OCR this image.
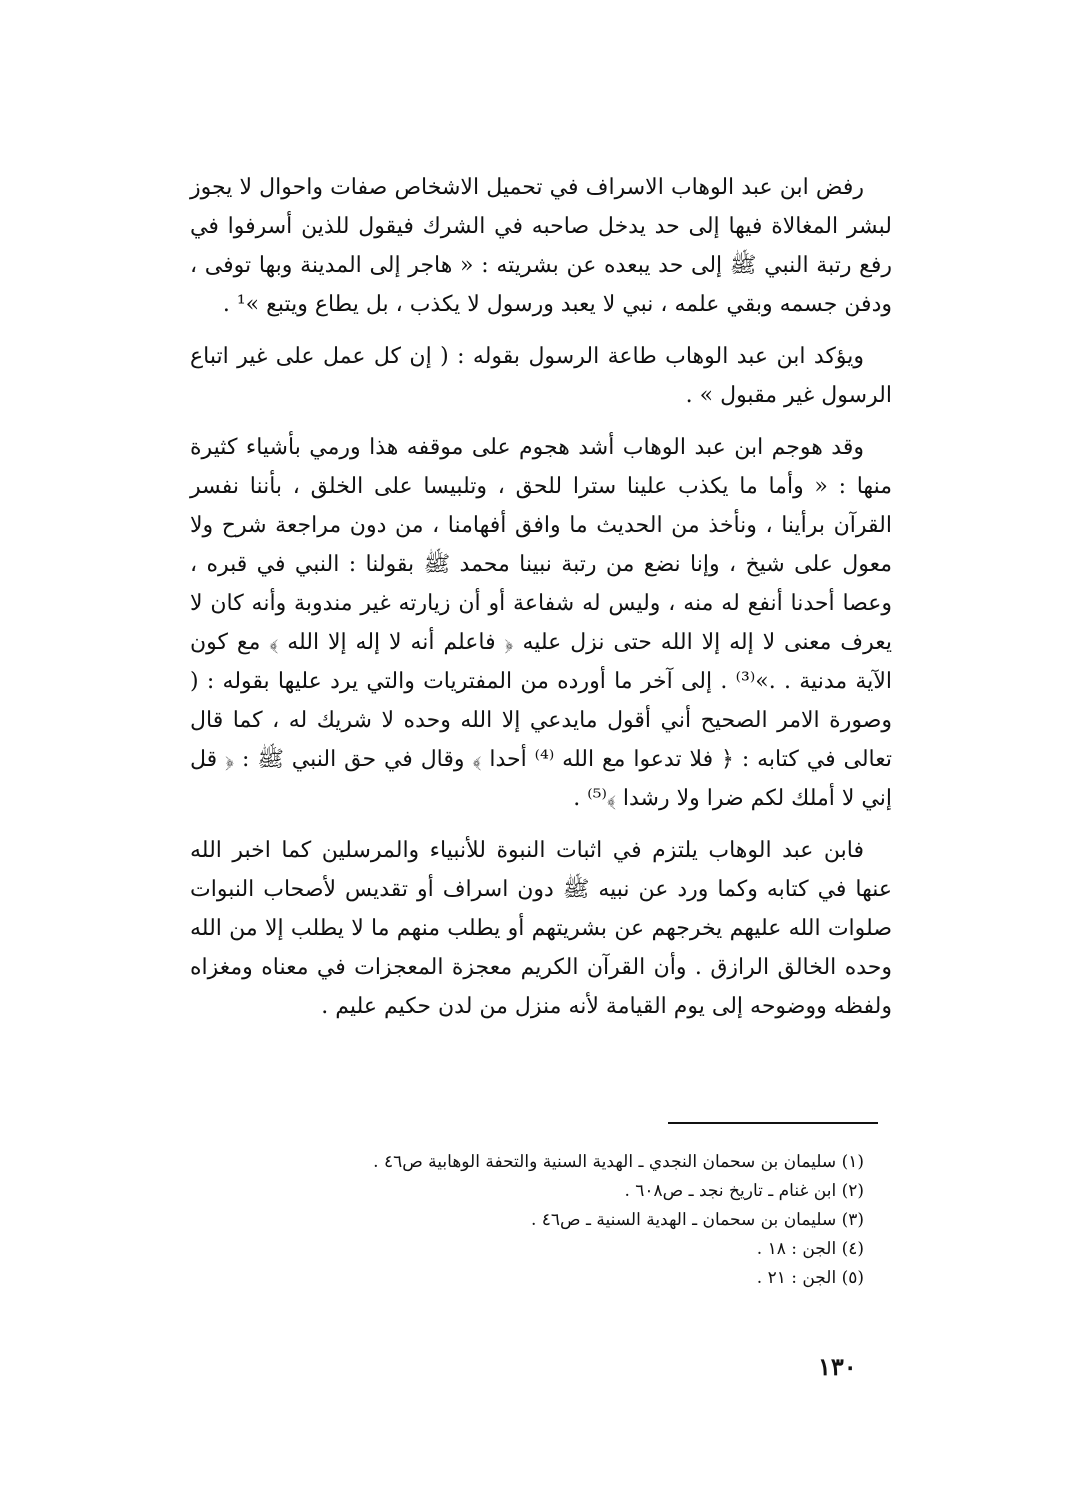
رفض ابن عبد الوهاب الاسراف في تحميل الاشخاص صفات واحوال لا يجوز لبشر المغالاة فيها إلى حد يدخل صاحبه في الشرك فيقول للذين أسرفوا في رفع رتبة النبي ﷺ إلى حد يبعده عن بشريته : « هاجر إلى المدينة وبها توفى ، ودفن جسمه وبقي علمه ، نبي لا يعبد ورسول لا يكذب ، بل يطاع ويتبع »¹ .

ويؤكد ابن عبد الوهاب طاعة الرسول بقوله : ( إن كل عمل على غير اتباع الرسول غير مقبول » .

وقد هوجم ابن عبد الوهاب أشد هجوم على موقفه هذا ورمي بأشياء كثيرة منها : « وأما ما يكذب علينا سترا للحق ، وتلبيسا على الخلق ، بأننا نفسر القرآن برأينا ، ونأخذ من الحديث ما وافق أفهامنا ، من دون مراجعة شرح ولا معول على شيخ ، وإنا نضع من رتبة نبينا محمد ﷺ بقولنا : النبي في قبره ، وعصا أحدنا أنفع له منه ، وليس له شفاعة أو أن زيارته غير مندوبة وأنه كان لا يعرف معنى لا إله إلا الله حتى نزل عليه ﴿ فاعلم أنه لا إله إلا الله ﴾ مع كون الآية مدنية . .»⁽³⁾ . إلى آخر ما أورده من المفتريات والتي يرد عليها بقوله : ( وصورة الامر الصحيح أني أقول مايدعي إلا الله وحده لا شريك له ، كما قال تعالى في كتابه : ﴿ فلا تدعوا مع الله ⁽⁴⁾ أحدا ﴾ وقال في حق النبي ﷺ : ﴿ قل إني لا أملك لكم ضرا ولا رشدا ﴾⁽⁵⁾ .

فابن عبد الوهاب يلتزم في اثبات النبوة للأنبياء والمرسلين كما اخبر الله عنها في كتابه وكما ورد عن نبيه ﷺ دون اسراف أو تقديس لأصحاب النبوات صلوات الله عليهم يخرجهم عن بشريتهم أو يطلب منهم ما لا يطلب إلا من الله وحده الخالق الرازق . وأن القرآن الكريم معجزة المعجزات في معناه ومغزاه ولفظه ووضوحه إلى يوم القيامة لأنه منزل من لدن حكيم عليم .

(١) سليمان بن سحمان النجدي ـ الهدية السنية والتحفة الوهابية ص٤٦ .
(٢) ابن غنام ـ تاريخ نجد ـ ص٦٠٨ .
(٣) سليمان بن سحمان ـ الهدية السنية ـ ص٤٦ .
(٤) الجن : ١٨ .
(٥) الجن : ٢١ .
١٣٠
